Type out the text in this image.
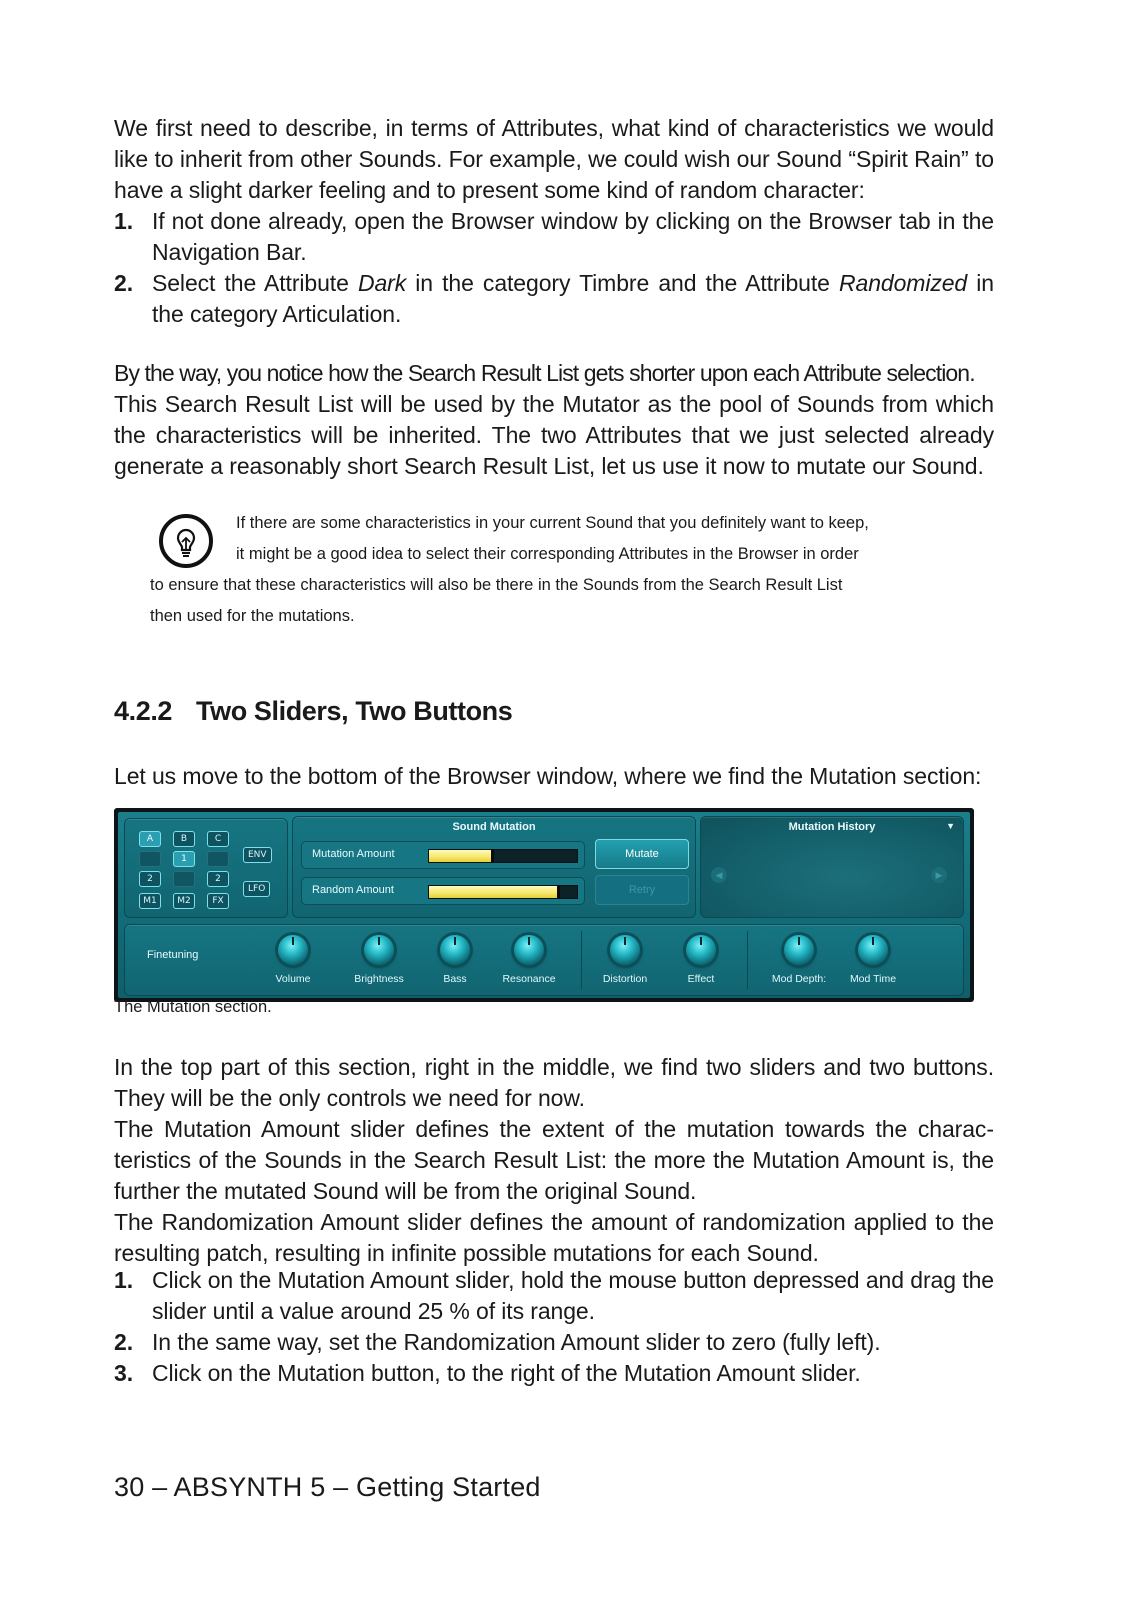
We first need to describe, in terms of Attributes, what kind of characteristics we would like to inherit from other Sounds. For example, we could wish our Sound “Spirit Rain” to have a slight darker feeling and to present some kind of random character:

1. If not done already, open the Browser window by clicking on the Browser tab in the Navigation Bar.
2. Select the Attribute Dark in the category Timbre and the Attribute Randomized in the category Articulation.

By the way, you notice how the Search Result List gets shorter upon each Attribute selection.

This Search Result List will be used by the Mutator as the pool of Sounds from which the characteristics will be inherited. The two Attributes that we just selected already generate a reasonably short Search Result List, let us use it now to mutate our Sound.

If there are some characteristics in your current Sound that you definitely want to keep,
it might be a good idea to select their corresponding Attributes in the Browser in order
to ensure that these characteristics will also be there in the Sounds from the Search Result List
then used for the mutations.
4.2.2 Two Sliders, Two Buttons

Let us move to the bottom of the Browser window, where we find the Mutation section:

A	B	C
1
2	2
M1	M2	FX
ENV
LFO
Sound Mutation
Mutation Amount
Random Amount
Mutate
Retry
Mutation History	▼
◀	▶
Finetuning
Volume	Brightness	Bass	Resonance	Distortion	Effect	Mod Depth:	Mod Time

The Mutation section.

In the top part of this section, right in the middle, we find two sliders and two buttons. They will be the only controls we need for now.

The Mutation Amount slider defines the extent of the mutation towards the characteristics of the Sounds in the Search Result List: the more the Mutation Amount is, the further the mutated Sound will be from the original Sound.

The Randomization Amount slider defines the amount of randomization applied to the resulting patch, resulting in infinite possible mutations for each Sound.

1. Click on the Mutation Amount slider, hold the mouse button depressed and drag the slider until a value around 25 % of its range.
2. In the same way, set the Randomization Amount slider to zero (fully left).
3. Click on the Mutation button, to the right of the Mutation Amount slider.

30 – ABSYNTH 5 – Getting Started
